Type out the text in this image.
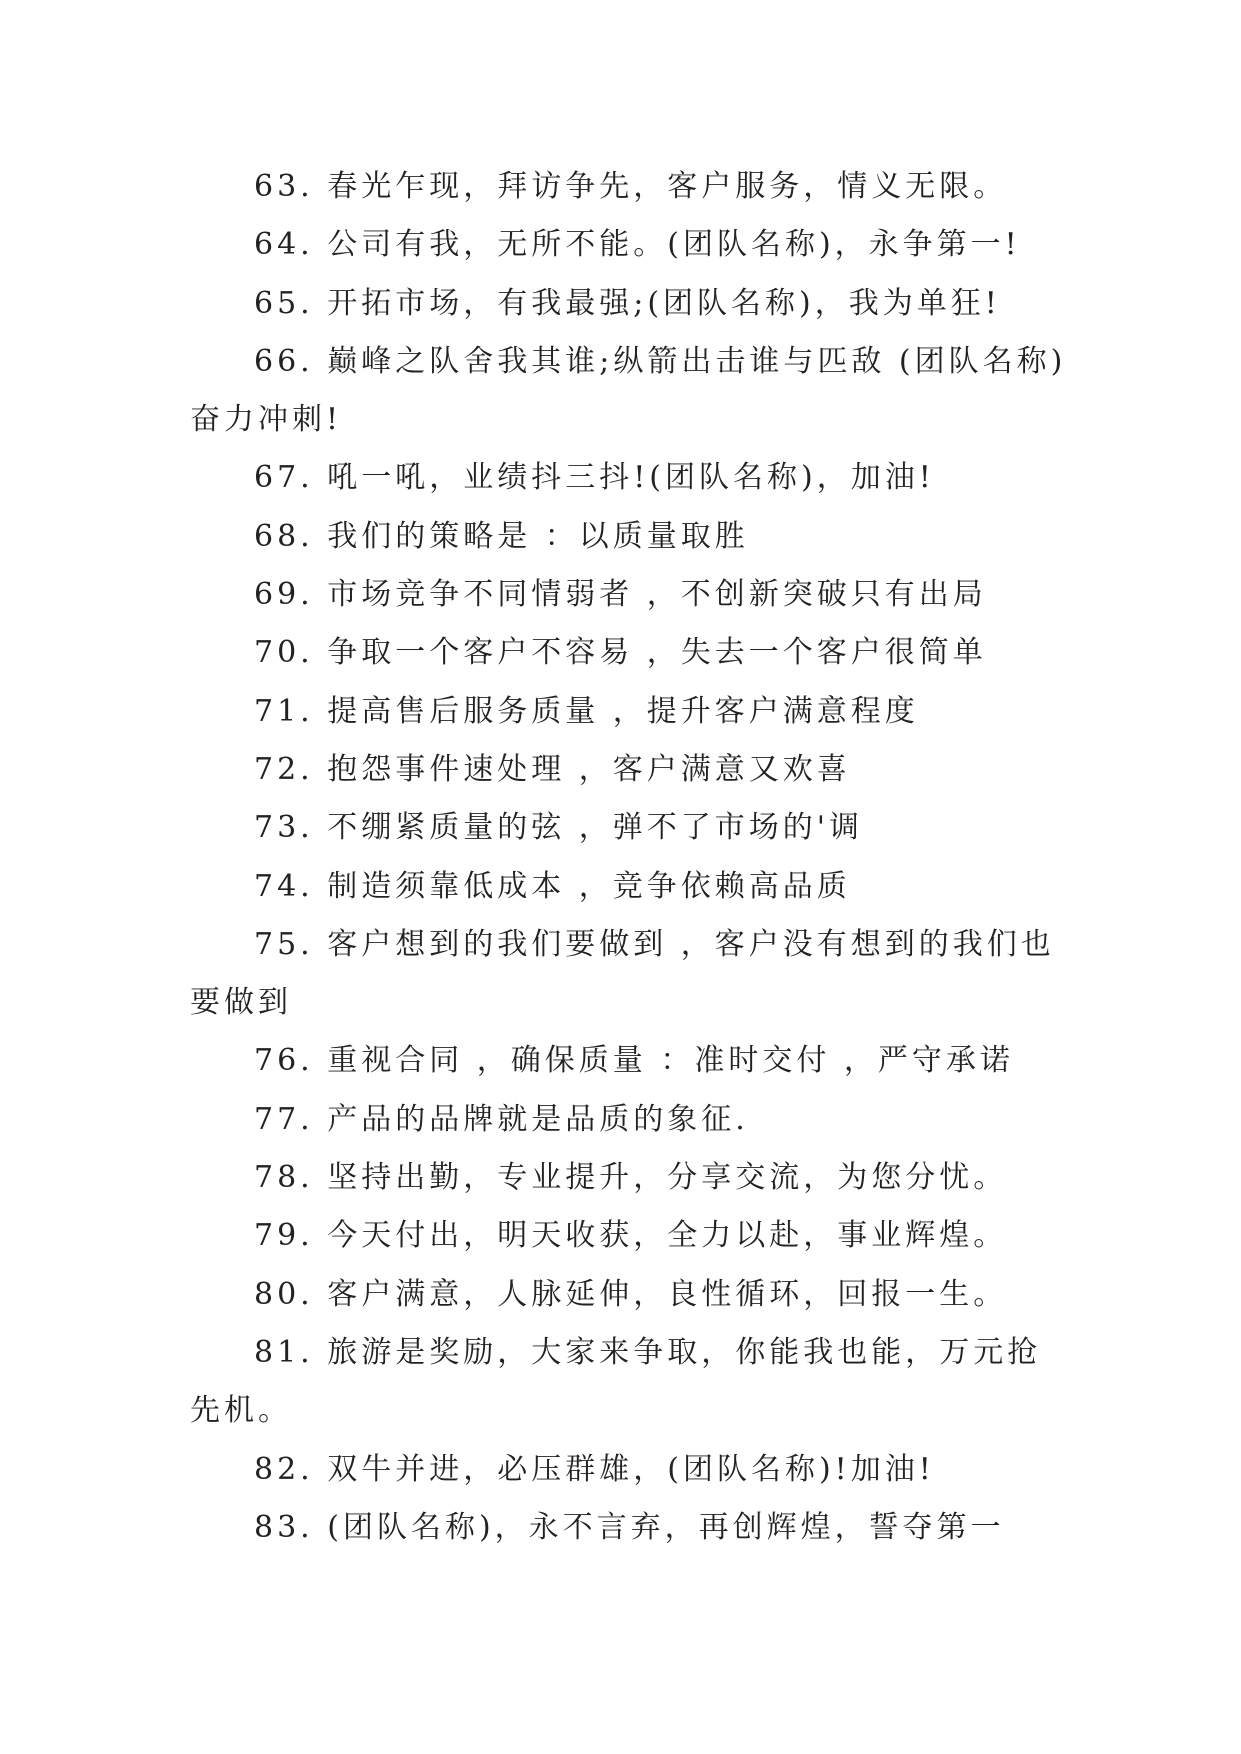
63. 春光乍现，拜访争先，客户服务，情义无限。

64. 公司有我，无所不能。(团队名称)，永争第一!

65. 开拓市场，有我最强;(团队名称)，我为单狂!

66. 巅峰之队舍我其谁;纵箭出击谁与匹敌 (团队名称) 奋力冲刺!

67. 吼一吼，业绩抖三抖!(团队名称)，加油!

68. 我们的策略是 ：以质量取胜

69. 市场竞争不同情弱者 ，不创新突破只有出局

70. 争取一个客户不容易 ，失去一个客户很简单

71. 提高售后服务质量 ，提升客户满意程度

72. 抱怨事件速处理 ，客户满意又欢喜

73. 不绷紧质量的弦 ，弹不了市场的'调

74. 制造须靠低成本 ，竞争依赖高品质

75. 客户想到的我们要做到 ，客户没有想到的我们也要做到

76. 重视合同 ，确保质量 ：准时交付 ，严守承诺

77. 产品的品牌就是品质的象征.

78. 坚持出勤，专业提升，分享交流，为您分忧。

79. 今天付出，明天收获，全力以赴，事业辉煌。

80. 客户满意，人脉延伸，良性循环，回报一生。

81. 旅游是奖励，大家来争取，你能我也能，万元抢先机。

82. 双牛并进，必压群雄，(团队名称)!加油!

83. (团队名称)，永不言弃，再创辉煌，誓夺第一
